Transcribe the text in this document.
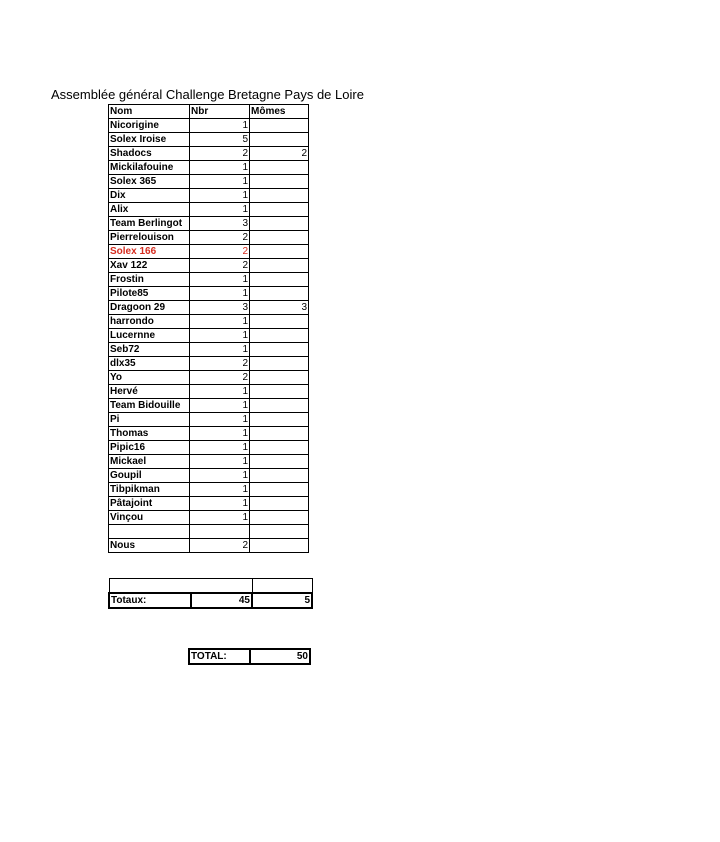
Assemblée général Challenge Bretagne Pays de Loire
Nom	Nbr	Mômes
Nicorigine	1	
Solex Iroise	5	
Shadocs	2	2
Mickilafouine	1	
Solex 365	1	
Dix	1	
Alix	1	
Team Berlingot	3	
Pierrelouison	2	
Solex 166	2	
Xav 122	2	
Frostin	1	
Pilote85	1	
Dragoon 29	3	3
harrondo	1	
Lucernne	1	
Seb72	1	
dlx35	2	
Yo	2	
Hervé	1	
Team Bidouille	1	
Pi	1	
Thomas	1	
Pipic16	1	
Mickael	1	
Goupil	1	
Tibpikman	1	
Pâtajoint	1	
Vinçou	1	

Nous	2	

Totaux:	45	5
TOTAL:	50
